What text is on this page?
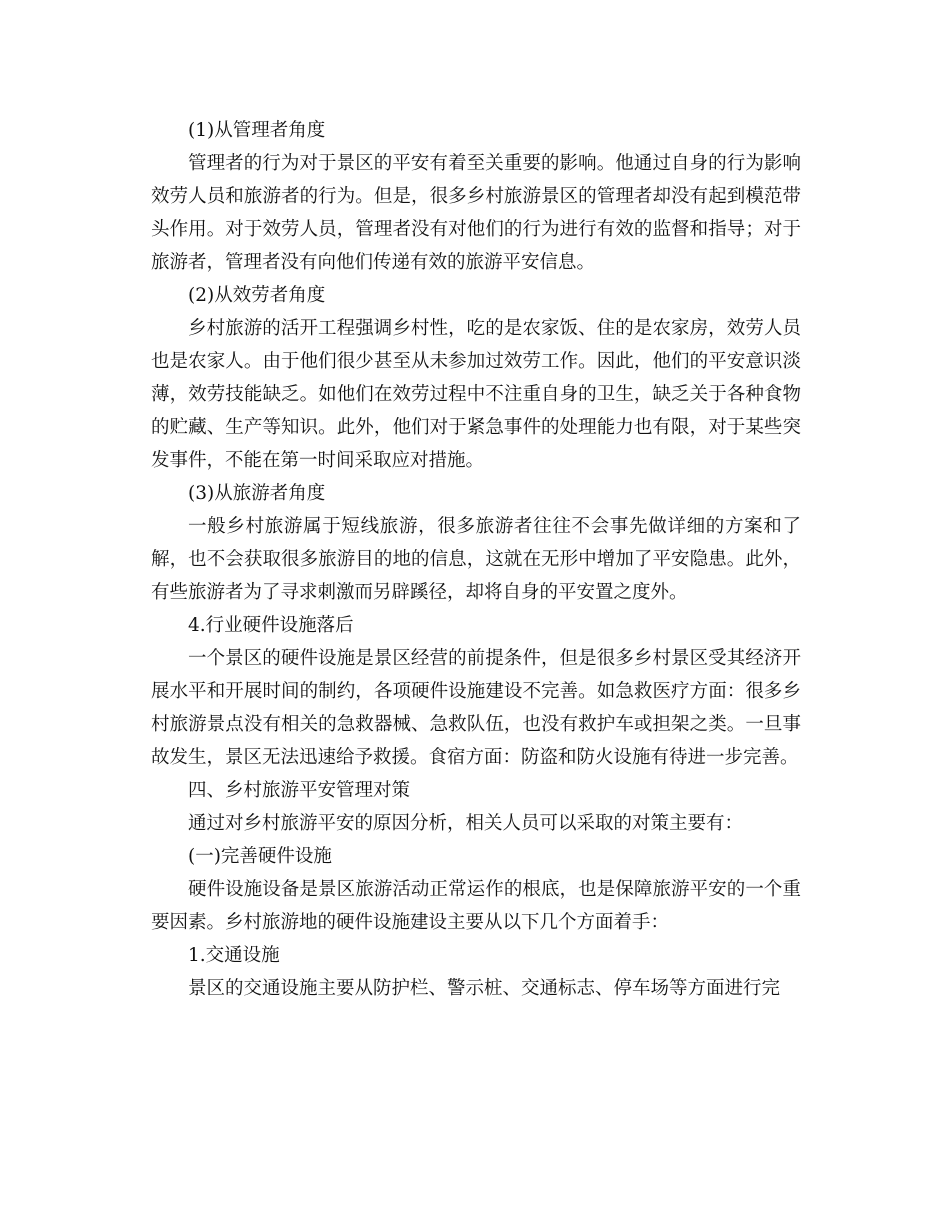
(1)从管理者角度

管理者的行为对于景区的平安有着至关重要的影响。他通过自身的行为影响效劳人员和旅游者的行为。但是，很多乡村旅游景区的管理者却没有起到模范带头作用。对于效劳人员，管理者没有对他们的行为进行有效的监督和指导；对于旅游者，管理者没有向他们传递有效的旅游平安信息。

(2)从效劳者角度

乡村旅游的活开工程强调乡村性，吃的是农家饭、住的是农家房，效劳人员也是农家人。由于他们很少甚至从未参加过效劳工作。因此，他们的平安意识淡薄，效劳技能缺乏。如他们在效劳过程中不注重自身的卫生，缺乏关于各种食物的贮藏、生产等知识。此外，他们对于紧急事件的处理能力也有限，对于某些突发事件，不能在第一时间采取应对措施。

(3)从旅游者角度

一般乡村旅游属于短线旅游，很多旅游者往往不会事先做详细的方案和了解，也不会获取很多旅游目的地的信息，这就在无形中增加了平安隐患。此外，有些旅游者为了寻求刺激而另辟蹊径，却将自身的平安置之度外。

4.行业硬件设施落后

一个景区的硬件设施是景区经营的前提条件，但是很多乡村景区受其经济开展水平和开展时间的制约，各项硬件设施建设不完善。如急救医疗方面：很多乡村旅游景点没有相关的急救器械、急救队伍，也没有救护车或担架之类。一旦事故发生，景区无法迅速给予救援。食宿方面：防盗和防火设施有待进一步完善。

四、乡村旅游平安管理对策

通过对乡村旅游平安的原因分析，相关人员可以采取的对策主要有：

(一)完善硬件设施

硬件设施设备是景区旅游活动正常运作的根底，也是保障旅游平安的一个重要因素。乡村旅游地的硬件设施建设主要从以下几个方面着手：

1.交通设施

景区的交通设施主要从防护栏、警示桩、交通标志、停车场等方面进行完
